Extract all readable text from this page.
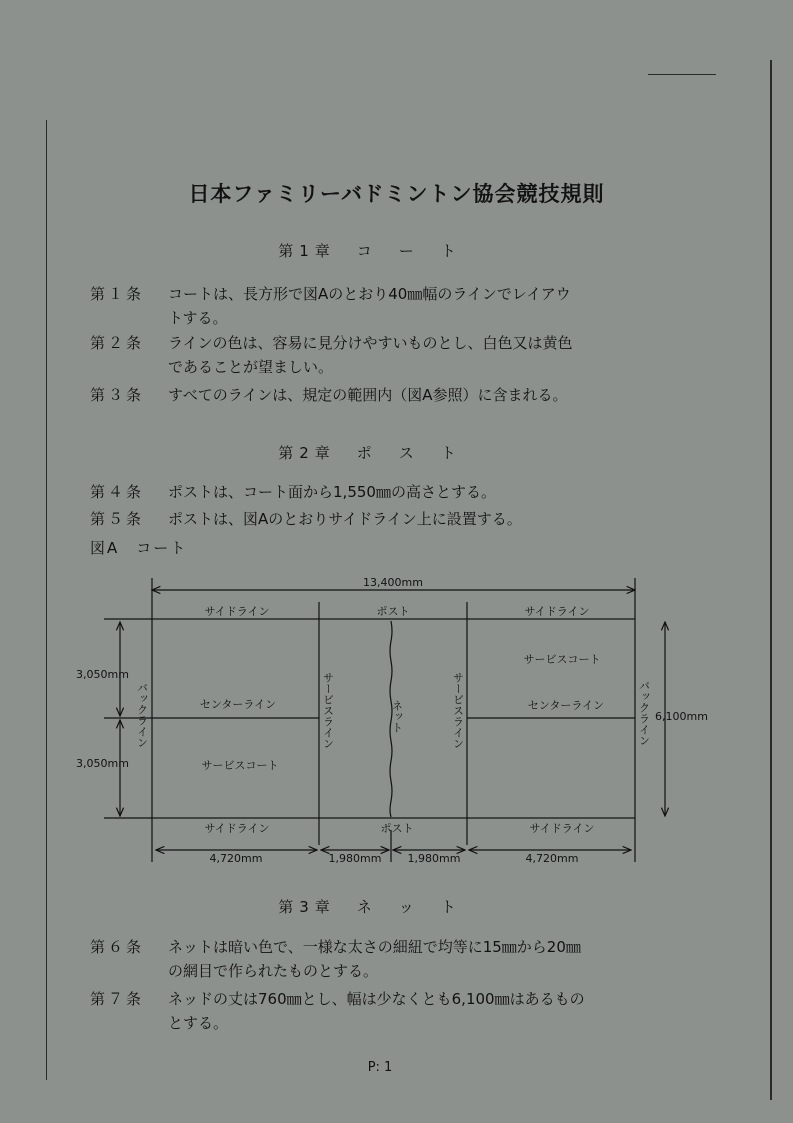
日本ファミリーバドミントン協会競技規則
第1章　コ　ー　ト
第１条	コートは、長方形で図Aのとおり40㎜幅のラインでレイアウ
トする。
第２条	ラインの色は、容易に見分けやすいものとし、白色又は黄色
であることが望ましい。
第３条	すべてのラインは、規定の範囲内（図A参照）に含まれる。
第2章　ポ　ス　ト
第４条	ポストは、コート面から1,550㎜の高さとする。
第５条	ポストは、図Aのとおりサイドライン上に設置する。
図A　コート
13,400mm
サイドライン	ポスト	サイドライン
サイドライン	ポスト	サイドライン
サービスコート
センターライン
センターライン
サービスコート
3,050mm
3,050mm
6,100mm
4,720mm	1,980mm 1,980mm	4,720mm
バックライン	バックライン
サービスライン	サービスライン
ネット
第3章　ネ　ッ　ト
第６条	ネットは暗い色で、一様な太さの細紐で均等に15㎜から20㎜
の網目で作られたものとする。
第７条	ネッドの丈は760㎜とし、幅は少なくとも6,100㎜はあるもの
とする。
P: 1
